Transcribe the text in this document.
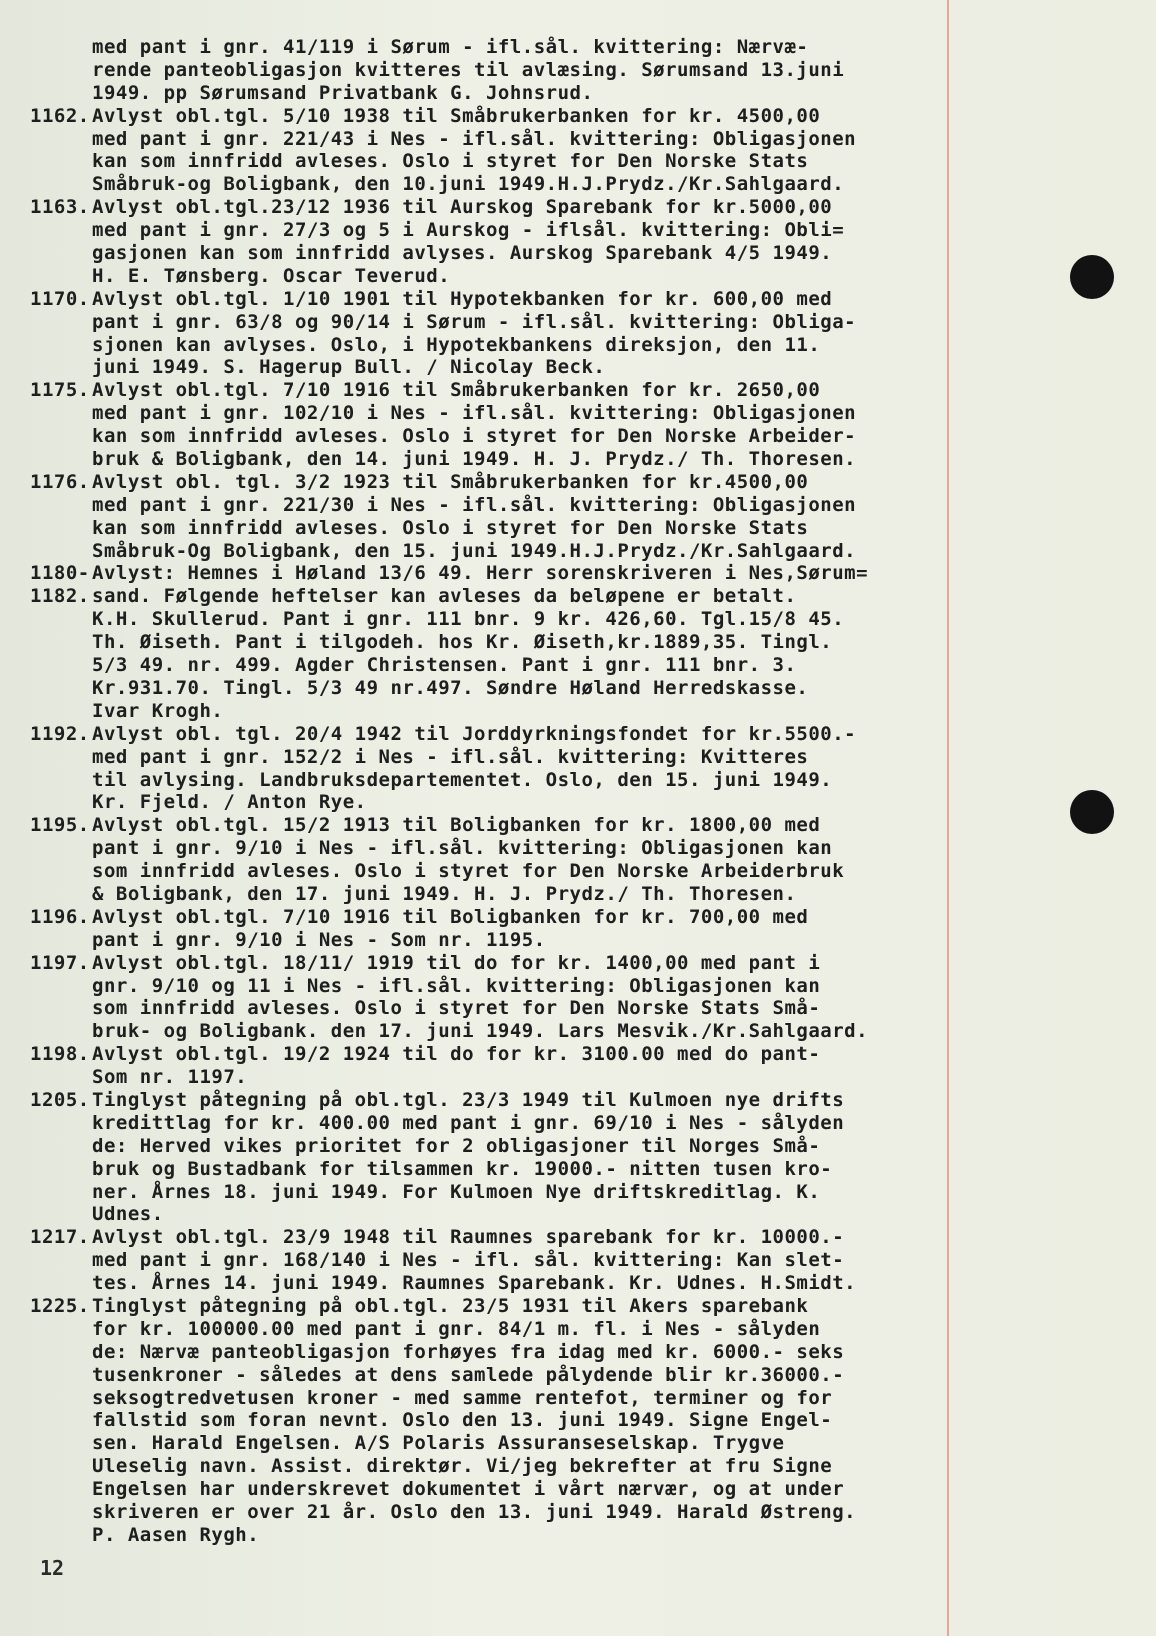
med pant i gnr. 41/119 i Sørum - ifl.sål. kvittering: Nærvæ-
rende panteobligasjon kvitteres til avlæsing. Sørumsand 13.juni
1949. pp Sørumsand Privatbank G. Johnsrud.
1162. Avlyst obl.tgl. 5/10 1938 til Småbrukerbanken for kr. 4500,00
med pant i gnr. 221/43 i Nes - ifl.sål. kvittering: Obligasjonen
kan som innfridd avleses. Oslo i styret for Den Norske Stats
Småbruk-og Boligbank, den 10.juni 1949.H.J.Prydz./Kr.Sahlgaard.
1163. Avlyst obl.tgl.23/12 1936 til Aurskog Sparebank for kr.5000,00
med pant i gnr. 27/3 og 5 i Aurskog - iflsål. kvittering: Obli=
gasjonen kan som innfridd avlyses. Aurskog Sparebank 4/5 1949.
H. E. Tønsberg. Oscar Teverud.
1170. Avlyst obl.tgl. 1/10 1901 til Hypotekbanken for kr. 600,00 med
pant i gnr. 63/8 og 90/14 i Sørum - ifl.sål. kvittering: Obliga-
sjonen kan avlyses. Oslo, i Hypotekbankens direksjon, den 11.
juni 1949. S. Hagerup Bull. / Nicolay Beck.
1175. Avlyst obl.tgl. 7/10 1916 til Småbrukerbanken for kr. 2650,00
med pant i gnr. 102/10 i Nes - ifl.sål. kvittering: Obligasjonen
kan som innfridd avleses. Oslo i styret for Den Norske Arbeider-
bruk & Boligbank, den 14. juni 1949. H. J. Prydz./ Th. Thoresen.
1176. Avlyst obl. tgl. 3/2 1923 til Småbrukerbanken for kr.4500,00
med pant i gnr. 221/30 i Nes - ifl.sål. kvittering: Obligasjonen
kan som innfridd avleses. Oslo i styret for Den Norske Stats
Småbruk-Og Boligbank, den 15. juni 1949.H.J.Prydz./Kr.Sahlgaard.
1180- Avlyst: Hemnes i Høland 13/6 49. Herr sorenskriveren i Nes,Sørum=
1182. sand. Følgende heftelser kan avleses da beløpene er betalt.
K.H. Skullerud. Pant i gnr. 111 bnr. 9 kr. 426,60. Tgl.15/8 45.
Th. Øiseth. Pant i tilgodeh. hos Kr. Øiseth,kr.1889,35. Tingl.
5/3 49. nr. 499. Agder Christensen. Pant i gnr. 111 bnr. 3.
Kr.931.70. Tingl. 5/3 49 nr.497. Søndre Høland Herredskasse.
Ivar Krogh.
1192. Avlyst obl. tgl. 20/4 1942 til Jorddyrkningsfondet for kr.5500.-
med pant i gnr. 152/2 i Nes - ifl.sål. kvittering: Kvitteres
til avlysing. Landbruksdepartementet. Oslo, den 15. juni 1949.
Kr. Fjeld. / Anton Rye.
1195. Avlyst obl.tgl. 15/2 1913 til Boligbanken for kr. 1800,00 med
pant i gnr. 9/10 i Nes - ifl.sål. kvittering: Obligasjonen kan
som innfridd avleses. Oslo i styret for Den Norske Arbeiderbruk
& Boligbank, den 17. juni 1949. H. J. Prydz./ Th. Thoresen.
1196. Avlyst obl.tgl. 7/10 1916 til Boligbanken for kr. 700,00 med
pant i gnr. 9/10 i Nes - Som nr. 1195.
1197. Avlyst obl.tgl. 18/11/ 1919 til do for kr. 1400,00 med pant i
gnr. 9/10 og 11 i Nes - ifl.sål. kvittering: Obligasjonen kan
som innfridd avleses. Oslo i styret for Den Norske Stats Små-
bruk- og Boligbank. den 17. juni 1949. Lars Mesvik./Kr.Sahlgaard.
1198. Avlyst obl.tgl. 19/2 1924 til do for kr. 3100.00 med do pant-
Som nr. 1197.
1205. Tinglyst påtegning på obl.tgl. 23/3 1949 til Kulmoen nye drifts
kredittlag for kr. 400.00 med pant i gnr. 69/10 i Nes - sålyden
de: Herved vikes prioritet for 2 obligasjoner til Norges Små-
bruk og Bustadbank for tilsammen kr. 19000.- nitten tusen kro-
ner. Årnes 18. juni 1949. For Kulmoen Nye driftskreditlag. K.
Udnes.
1217. Avlyst obl.tgl. 23/9 1948 til Raumnes sparebank for kr. 10000.-
med pant i gnr. 168/140 i Nes - ifl. sål. kvittering: Kan slet-
tes. Årnes 14. juni 1949. Raumnes Sparebank. Kr. Udnes. H.Smidt.
1225. Tinglyst påtegning på obl.tgl. 23/5 1931 til Akers sparebank
for kr. 100000.00 med pant i gnr. 84/1 m. fl. i Nes - sålyden
de: Nærvæ panteobligasjon forhøyes fra idag med kr. 6000.- seks
tusenkroner - således at dens samlede pålydende blir kr.36000.-
seksogtredvetusen kroner - med samme rentefot, terminer og for
fallstid som foran nevnt. Oslo den 13. juni 1949. Signe Engel-
sen. Harald Engelsen. A/S Polaris Assuranseselskap. Trygve
Uleselig navn. Assist. direktør. Vi/jeg bekrefter at fru Signe
Engelsen har underskrevet dokumentet i vårt nærvær, og at under
skriveren er over 21 år. Oslo den 13. juni 1949. Harald Østreng.
P. Aasen Rygh.
12
